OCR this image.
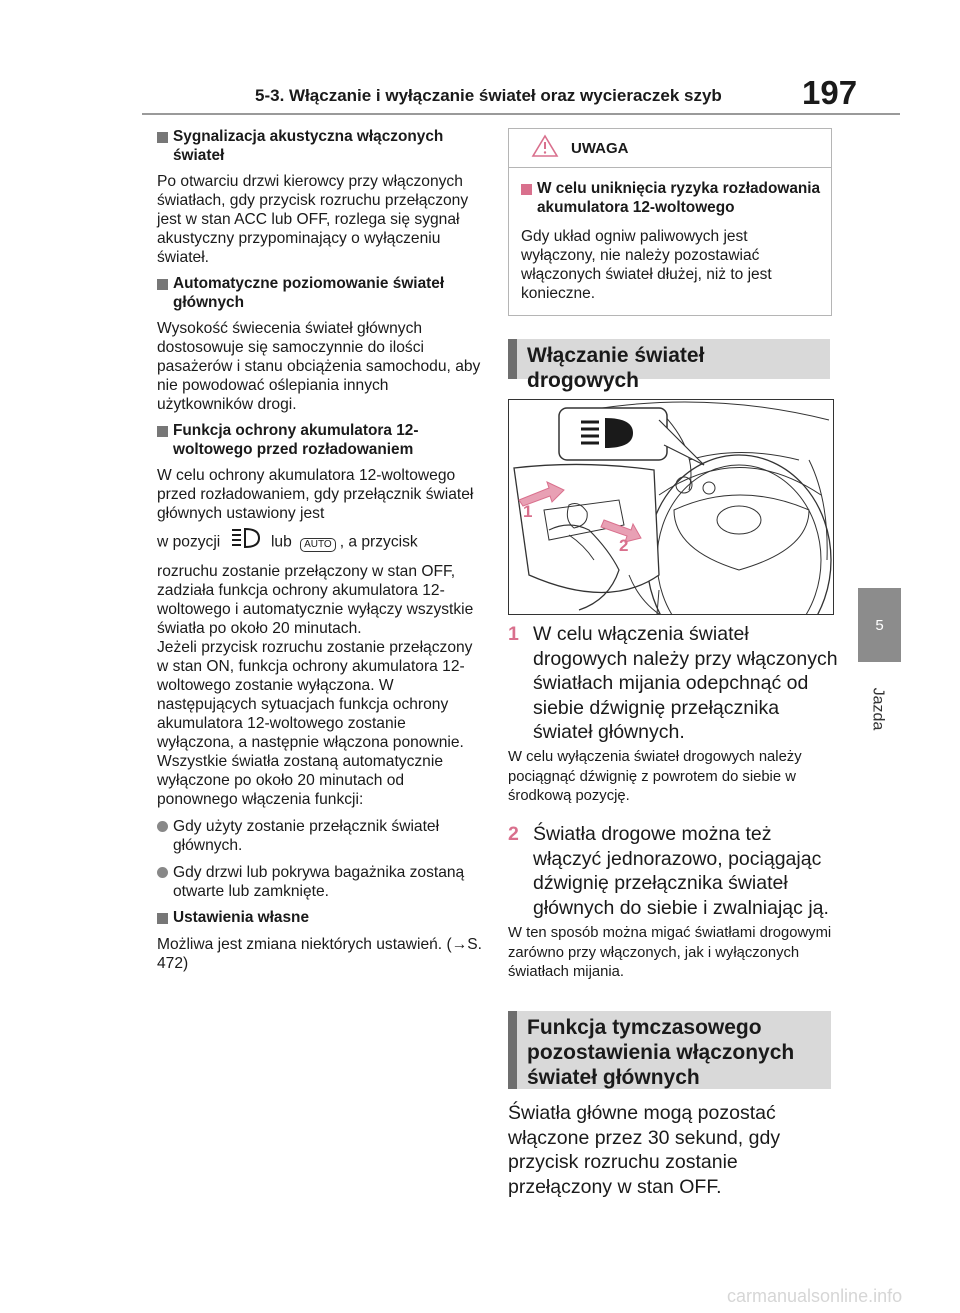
5-3. Włączanie i wyłączanie świateł oraz wycieraczek szyb 197
5
Jazda
Sygnalizacja akustyczna włączonych świateł

Po otwarciu drzwi kierowcy przy włączonych światłach, gdy przycisk rozruchu przełączony jest w stan ACC lub OFF, rozlega się sygnał akustyczny przypominający o wyłączeniu świateł.

Automatyczne poziomowanie świateł głównych

Wysokość świecenia świateł głównych dostosowuje się samoczynnie do ilości pasażerów i stanu obciążenia samochodu, aby nie powodować oślepiania innych użytkowników drogi.

Funkcja ochrony akumulatora 12-woltowego przed rozładowaniem

W celu ochrony akumulatora 12-woltowego przed rozładowaniem, gdy przełącznik świateł głównych ustawiony jest

w pozycji	lub AUTO , a przycisk

rozruchu zostanie przełączony w stan OFF, zadziała funkcja ochrony akumulatora 12-woltowego i automatycznie wyłączy wszystkie światła po około 20 minutach.

Jeżeli przycisk rozruchu zostanie przełączony w stan ON, funkcja ochrony akumulatora 12-woltowego zostanie wyłączona. W następujących sytuacjach funkcja ochrony akumulatora 12-woltowego zostanie wyłączona, a następnie włączona ponownie. Wszystkie światła zostaną automatycznie wyłączone po około 20 minutach od ponownego włączenia funkcji:

Gdy użyty zostanie przełącznik świateł głównych.
Gdy drzwi lub pokrywa bagażnika zostaną otwarte lub zamknięte.
Ustawienia własne

Możliwa jest zmiana niektórych ustawień. (→S. 472)

UWAGA
W celu uniknięcia ryzyka rozładowania akumulatora 12-woltowego
Gdy układ ogniw paliwowych jest wyłączony, nie należy pozostawiać włączonych świateł dłużej, niż to jest konieczne.
Włączanie świateł drogowych
1
2
1 W celu włączenia świateł drogowych należy przy włączonych światłach mijania odepchnąć od siebie dźwignię przełącznika świateł głównych.
W celu wyłączenia świateł drogowych należy pociągnąć dźwignię z powrotem do siebie w środkową pozycję.
2 Światła drogowe można też włączyć jednorazowo, pociągając dźwignię przełącznika świateł głównych do siebie i zwalniając ją.
W ten sposób można migać światłami drogowymi zarówno przy włączonych, jak i wyłączonych światłach mijania.
Funkcja tymczasowego pozostawienia włączonych świateł głównych
Światła główne mogą pozostać włączone przez 30 sekund, gdy przycisk rozruchu zostanie przełączony w stan OFF.
carmanualsonline.info
